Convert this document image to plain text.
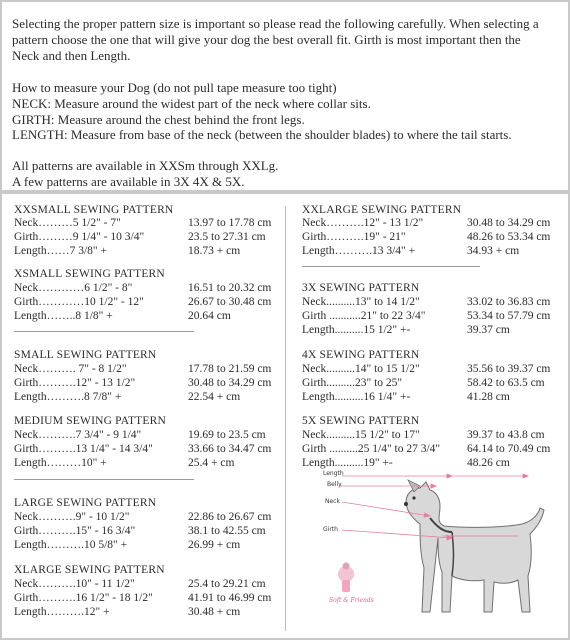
Selecting the proper pattern size is important so please read the following carefully. When selecting a

pattern choose the one that will give your dog the best overall fit. Girth is most important then the

Neck and then Length.

How to measure your Dog (do not pull tape measure too tight)

NECK: Measure around the widest part of the neck where collar sits.

GIRTH: Measure around the chest behind the front legs.

LENGTH: Measure from base of the neck (between the shoulder blades) to where the tail starts.

All patterns are available in XXSm through XXLg.

A few patterns are available in 3X 4X & 5X.

XXSMALL SEWING PATTERN
Neck………5 1/2" - 7"	13.97 to 17.78 cm
Girth………9 1/4" - 10 3/4"	23.5 to 27.31 cm
Length……7 3/8" +	18.73 + cm
XSMALL SEWING PATTERN
Neck…………6 1/2" - 8"	16.51 to 20.32 cm
Girth…………10 1/2" - 12"	26.67 to 30.48 cm
Length……..8 1/8" +	20.64 cm
SMALL SEWING PATTERN
Neck………. 7" - 8 1/2"	17.78 to 21.59 cm
Girth……….12" - 13 1/2"	30.48 to 34.29 cm
Length……….8 7/8" +	22.54 + cm
MEDIUM SEWING PATTERN
Neck……….7 3/4" - 9 1/4"	19.69 to 23.5 cm
Girth……….13 1/4" - 14 3/4"	33.66 to 34.47 cm
Length………10" +	25.4 + cm
LARGE SEWING PATTERN
Neck……….9" - 10 1/2"	22.86 to 26.67 cm
Girth……….15" - 16 3/4"	38.1 to 42.55 cm
Length……….10 5/8" +	26.99 + cm
XLARGE SEWING PATTERN
Neck……….10" - 11 1/2"	25.4 to 29.21 cm
Girth……….16 1/2" - 18 1/2"	41.91 to 46.99 cm
Length……….12" +	30.48 + cm
XXLARGE SEWING PATTERN
Neck……….12" - 13 1/2"	30.48 to 34.29 cm
Girth……….19" - 21"	48.26 to 53.34 cm
Length……….13 3/4" +	34.93 + cm
3X SEWING PATTERN
Neck..........13" to 14 1/2"	33.02 to 36.83 cm
Girth ...........21" to 22 3/4"	53.34 to 57.79 cm
Length..........15 1/2" +-	39.37 cm
4X SEWING PATTERN
Neck..........14" to 15 1/2"	35.56 to 39.37 cm
Girth..........23" to 25"	58.42 to 63.5 cm
Length..........16 1/4" +-	41.28 cm
5X SEWING PATTERN
Neck..........15 1/2" to 17"	39.37 to 43.8 cm
Girth ..........25 1/4" to 27 3/4" 64.14 to 70.49 cm
Length..........19" +-	48.26 cm
Length
Belly
Neck
Girth
Soft & Friends
